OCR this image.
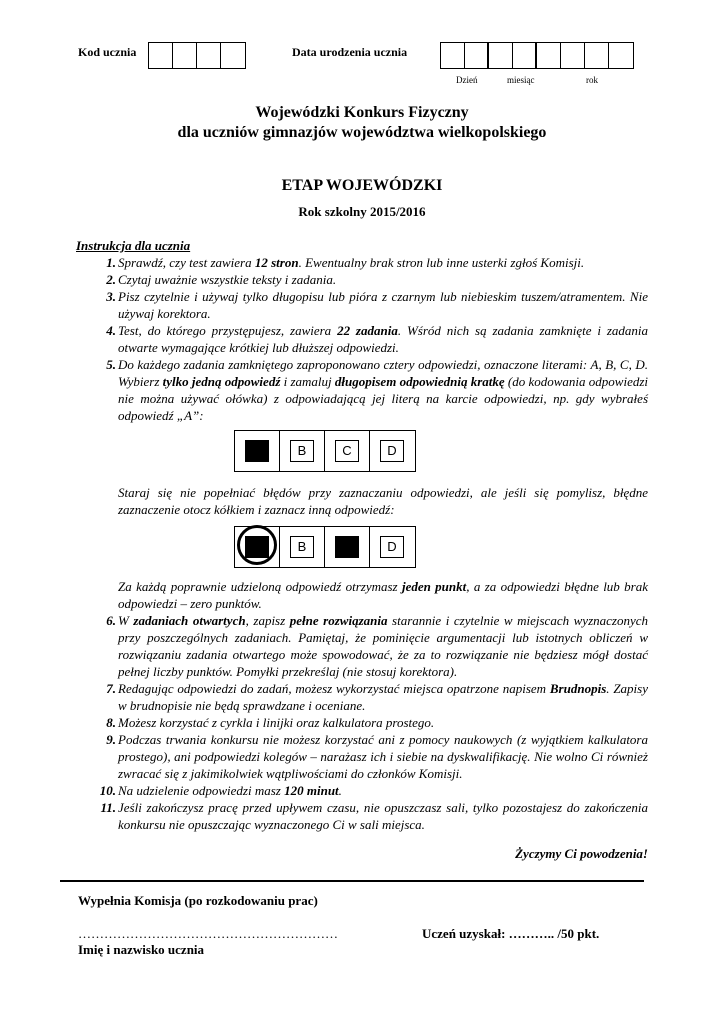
Kod ucznia	Data urodzenia ucznia
Dzień	miesiąc	rok
Wojewódzki Konkurs Fizyczny
dla uczniów gimnazjów województwa wielkopolskiego
ETAP WOJEWÓDZKI
Rok szkolny 2015/2016
Instrukcja dla ucznia
1. Sprawdź, czy test zawiera 12 stron. Ewentualny brak stron lub inne usterki zgłoś Komisji.
2. Czytaj uważnie wszystkie teksty i zadania.
3. Pisz czytelnie i używaj tylko długopisu lub pióra z czarnym lub niebieskim tuszem/atramentem. Nie używaj korektora.
4. Test, do którego przystępujesz, zawiera 22 zadania. Wśród nich są zadania zamknięte i zadania otwarte wymagające krótkiej lub dłuższej odpowiedzi.
5. Do każdego zadania zamkniętego zaproponowano cztery odpowiedzi, oznaczone literami: A, B, C, D. Wybierz tylko jedną odpowiedź i zamaluj długopisem odpowiednią kratkę (do kodowania odpowiedzi nie można używać ołówka) z odpowiadającą jej literą na karcie odpowiedzi, np. gdy wybrałeś odpowiedź „A”:
B	C	D
Staraj się nie popełniać błędów przy zaznaczaniu odpowiedzi, ale jeśli się pomylisz, błędne zaznaczenie otocz kółkiem i zaznacz inną odpowiedź:
B	D
Za każdą poprawnie udzieloną odpowiedź otrzymasz jeden punkt, a za odpowiedzi błędne lub brak odpowiedzi – zero punktów.
6. W zadaniach otwartych, zapisz pełne rozwiązania starannie i czytelnie w miejscach wyznaczonych przy poszczególnych zadaniach. Pamiętaj, że pominięcie argumentacji lub istotnych obliczeń w rozwiązaniu zadania otwartego może spowodować, że za to rozwiązanie nie będziesz mógł dostać pełnej liczby punktów. Pomyłki przekreślaj (nie stosuj korektora).
7. Redagując odpowiedzi do zadań, możesz wykorzystać miejsca opatrzone napisem Brudnopis. Zapisy w brudnopisie nie będą sprawdzane i oceniane.
8. Możesz korzystać z cyrkla i linijki oraz kalkulatora prostego.
9. Podczas trwania konkursu nie możesz korzystać ani z pomocy naukowych (z wyjątkiem kalkulatora prostego), ani podpowiedzi kolegów – narażasz ich i siebie na dyskwalifikację. Nie wolno Ci również zwracać się z jakimikolwiek wątpliwościami do członków Komisji.
10. Na udzielenie odpowiedzi masz 120 minut.
11. Jeśli zakończysz pracę przed upływem czasu, nie opuszczasz sali, tylko pozostajesz do zakończenia konkursu nie opuszczając wyznaczonego Ci w sali miejsca.
Życzymy Ci powodzenia!
Wypełnia Komisja (po rozkodowaniu prac)
……………………………………………………
Imię i nazwisko ucznia
Uczeń uzyskał: ……….. /50 pkt.
